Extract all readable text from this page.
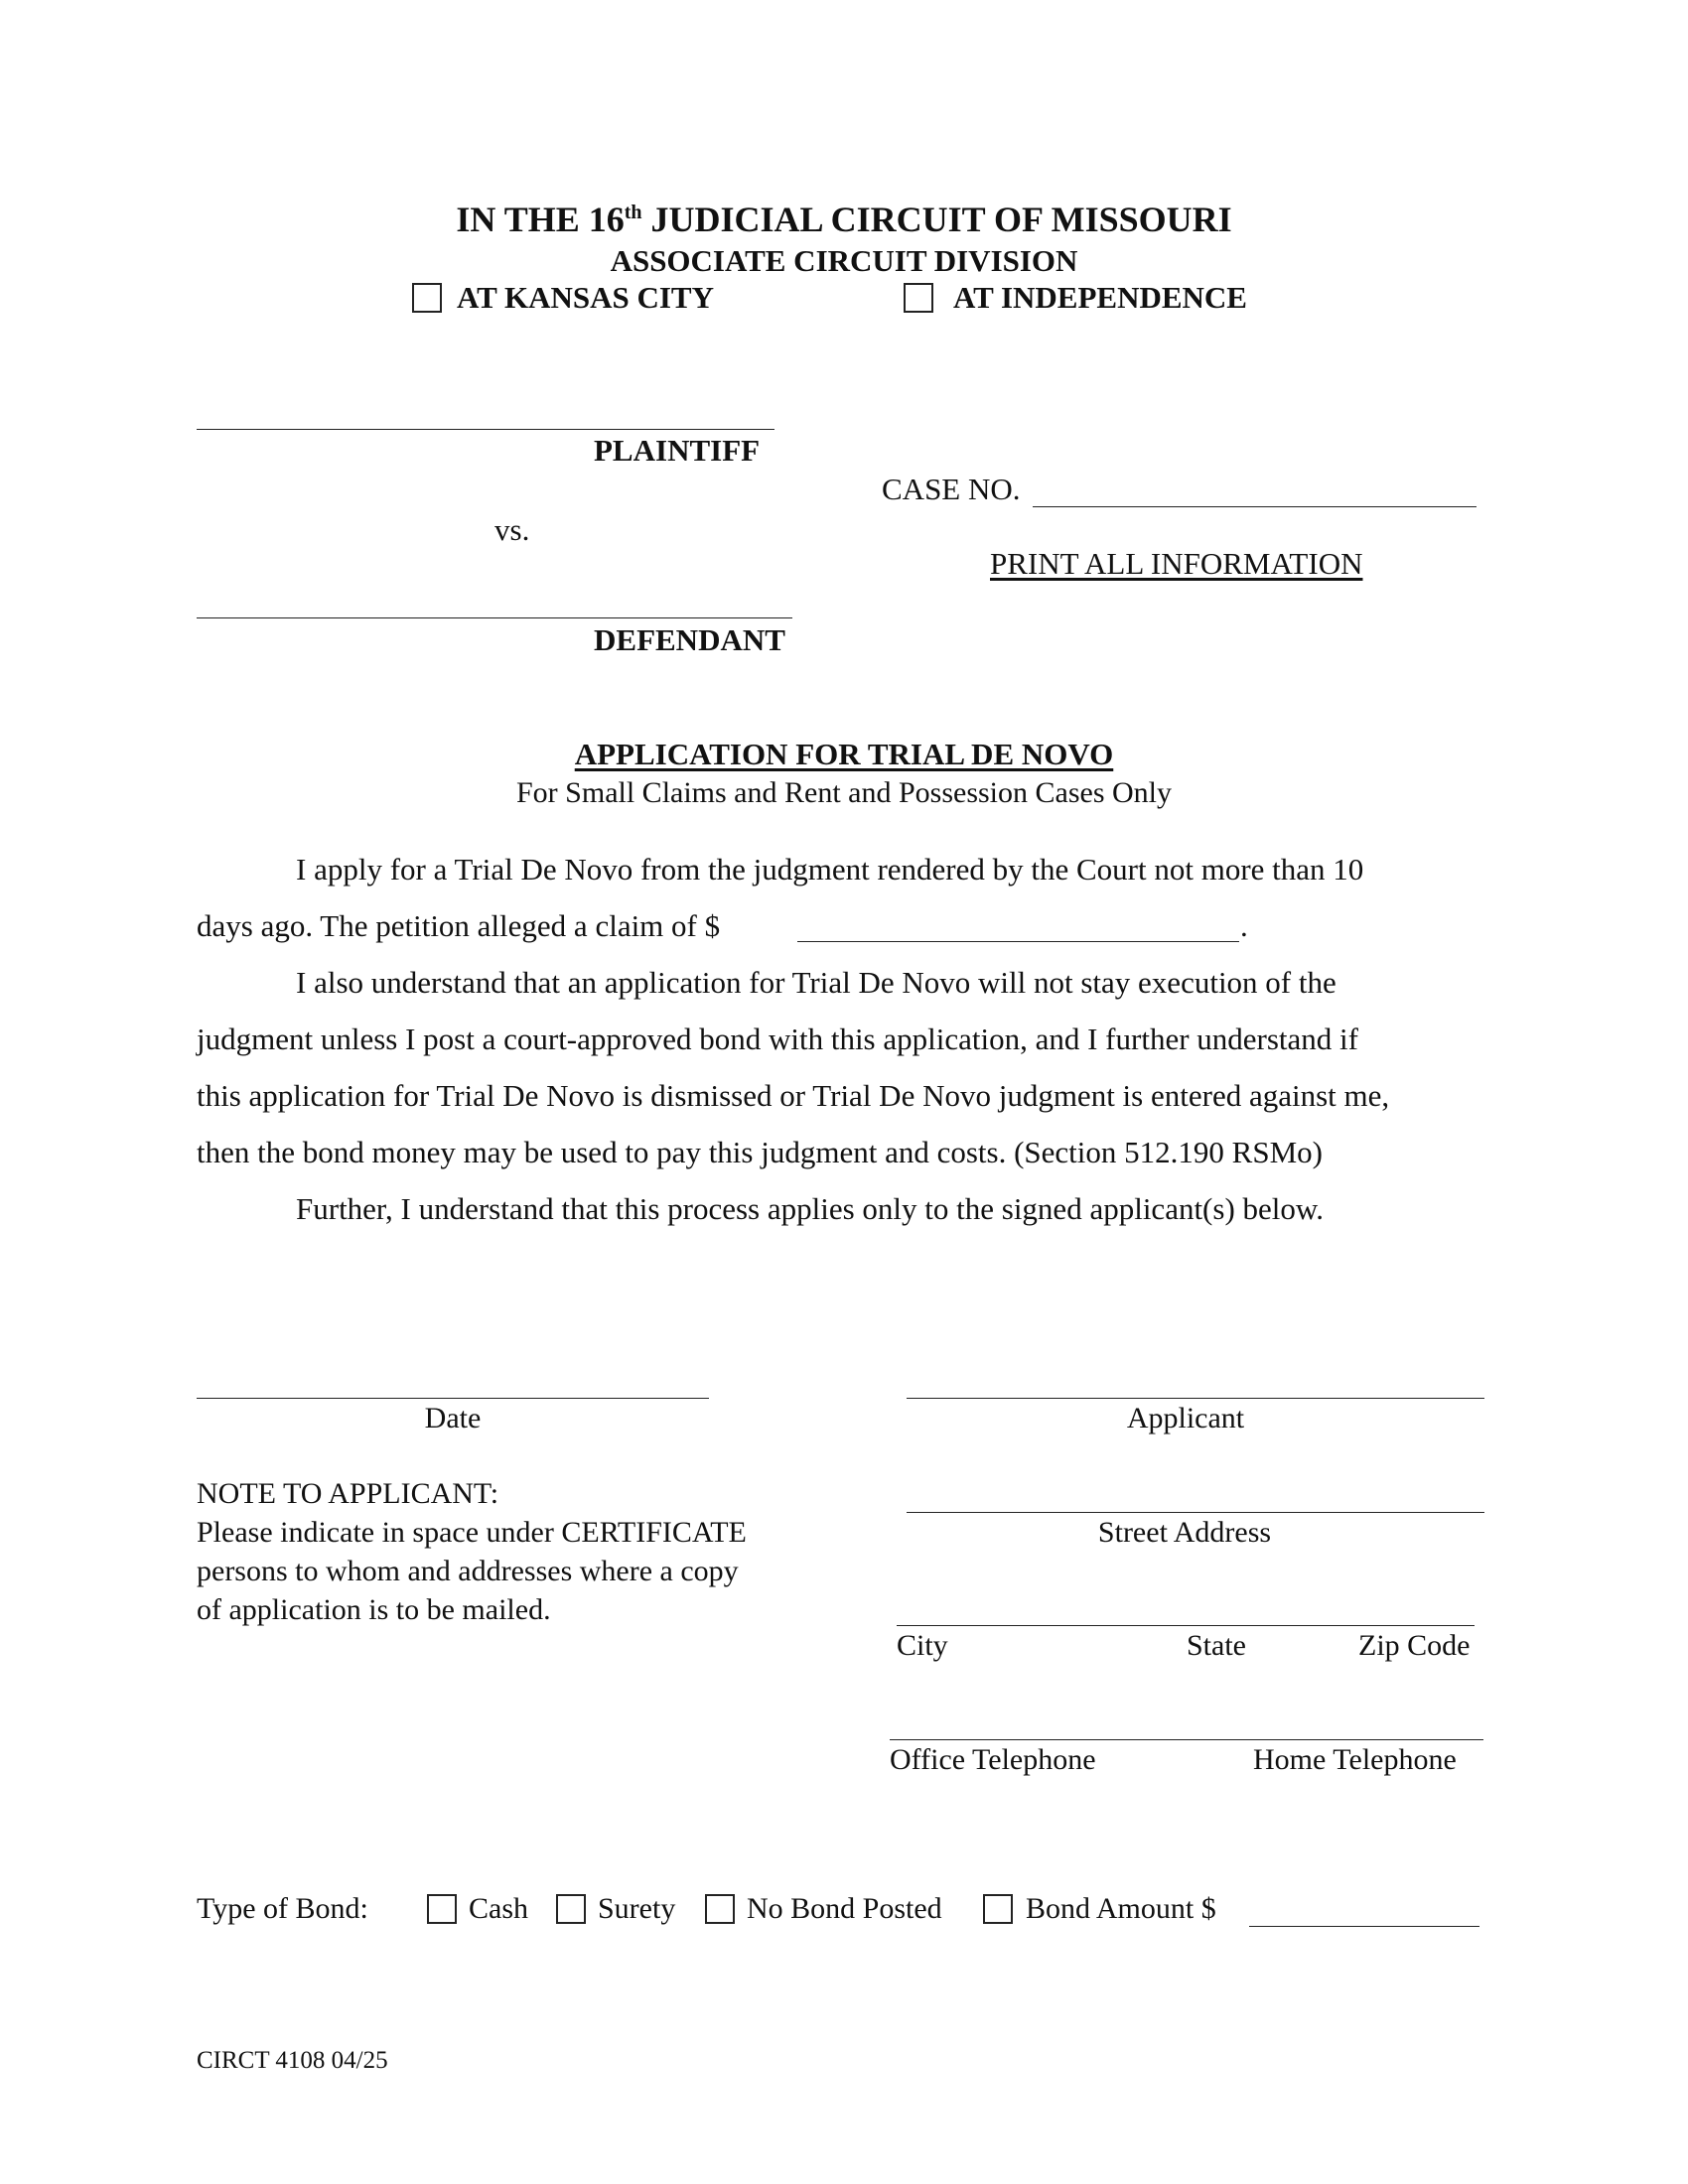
IN THE 16th JUDICIAL CIRCUIT OF MISSOURI
ASSOCIATE CIRCUIT DIVISION
AT KANSAS CITY	AT INDEPENDENCE
PLAINTIFF
CASE NO.
vs.
PRINT ALL INFORMATION
DEFENDANT
APPLICATION FOR TRIAL DE NOVO
For Small Claims and Rent and Possession Cases Only
I apply for a Trial De Novo from the judgment rendered by the Court not more than 10
days ago. The petition alleged a claim of $	.
I also understand that an application for Trial De Novo will not stay execution of the
judgment unless I post a court-approved bond with this application, and I further understand if
this application for Trial De Novo is dismissed or Trial De Novo judgment is entered against me,
then the bond money may be used to pay this judgment and costs. (Section 512.190 RSMo)
Further, I understand that this process applies only to the signed applicant(s) below.
Date	Applicant
NOTE TO APPLICANT:
Please indicate in space under CERTIFICATE
persons to whom and addresses where a copy
of application is to be mailed.
Street Address
City	State	Zip Code
Office Telephone	Home Telephone
Type of Bond:	Cash Surety No Bond Posted	Bond Amount $
CIRCT 4108 04/25
